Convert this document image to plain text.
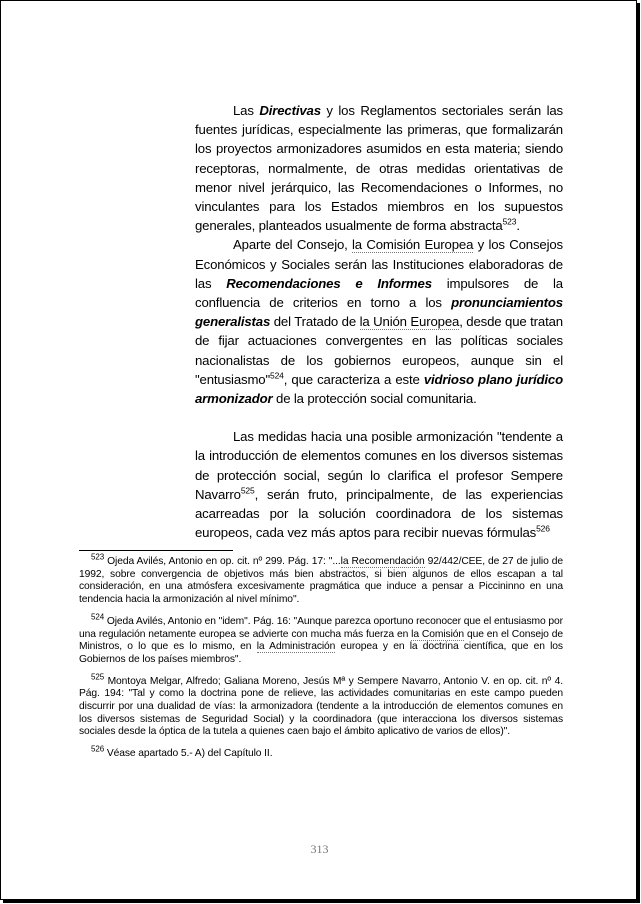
Las Directivas y los Reglamentos sectoriales serán las fuentes jurídicas, especialmente las primeras, que formalizarán los proyectos armonizadores asumidos en esta materia; siendo receptoras, normalmente, de otras medidas orientativas de menor nivel jerárquico, las Recomendaciones o Informes, no vinculantes para los Estados miembros en los supuestos generales, planteados usualmente de forma abstracta$^{523}$.

Aparte del Consejo, la Comisión Europea y los Consejos Económicos y Sociales serán las Instituciones elaboradoras de las Recomendaciones e Informes impulsores de la confluencia de criterios en torno a los pronunciamientos generalistas del Tratado de la Unión Europea, desde que tratan de fijar actuaciones convergentes en las políticas sociales nacionalistas de los gobiernos europeos, aunque sin el "entusiasmo"$^{524}$, que caracteriza a este vidrioso plano jurídico armonizador de la protección social comunitaria.

Las medidas hacia una posible armonización "tendente a la introducción de elementos comunes en los diversos sistemas de protección social, según lo clarifica el profesor Sempere Navarro$^{525}$, serán fruto, principalmente, de las experiencias acarreadas por la solución coordinadora de los sistemas europeos, cada vez más aptos para recibir nuevas fórmulas$^{526}$

$^{523}$ Ojeda Avilés, Antonio en op. cit. nº 299. Pág. 17: "...la Recomendación 92/442/CEE, de 27 de julio de 1992, sobre convergencia de objetivos más bien abstractos, si bien algunos de ellos escapan a tal consideración, en una atmósfera excesivamente pragmática que induce a pensar a Piccininno en una tendencia hacia la armonización al nivel mínimo".

$^{524}$ Ojeda Avilés, Antonio en "idem". Pág. 16: "Aunque parezca oportuno reconocer que el entusiasmo por una regulación netamente europea se advierte con mucha más fuerza en la Comisión que en el Consejo de Ministros, o lo que es lo mismo, en la Administración europea y en la doctrina científica, que en los Gobiernos de los países miembros".

$^{525}$ Montoya Melgar, Alfredo; Galiana Moreno, Jesús Mª y Sempere Navarro, Antonio V. en op. cit. nº 4. Pág. 194: "Tal y como la doctrina pone de relieve, las actividades comunitarias en este campo pueden discurrir por una dualidad de vías: la armonizadora (tendente a la introducción de elementos comunes en los diversos sistemas de Seguridad Social) y la coordinadora (que interacciona los diversos sistemas sociales desde la óptica de la tutela a quienes caen bajo el ámbito aplicativo de varios de ellos)".

$^{526}$ Véase apartado 5.- A) del Capítulo II.

313
